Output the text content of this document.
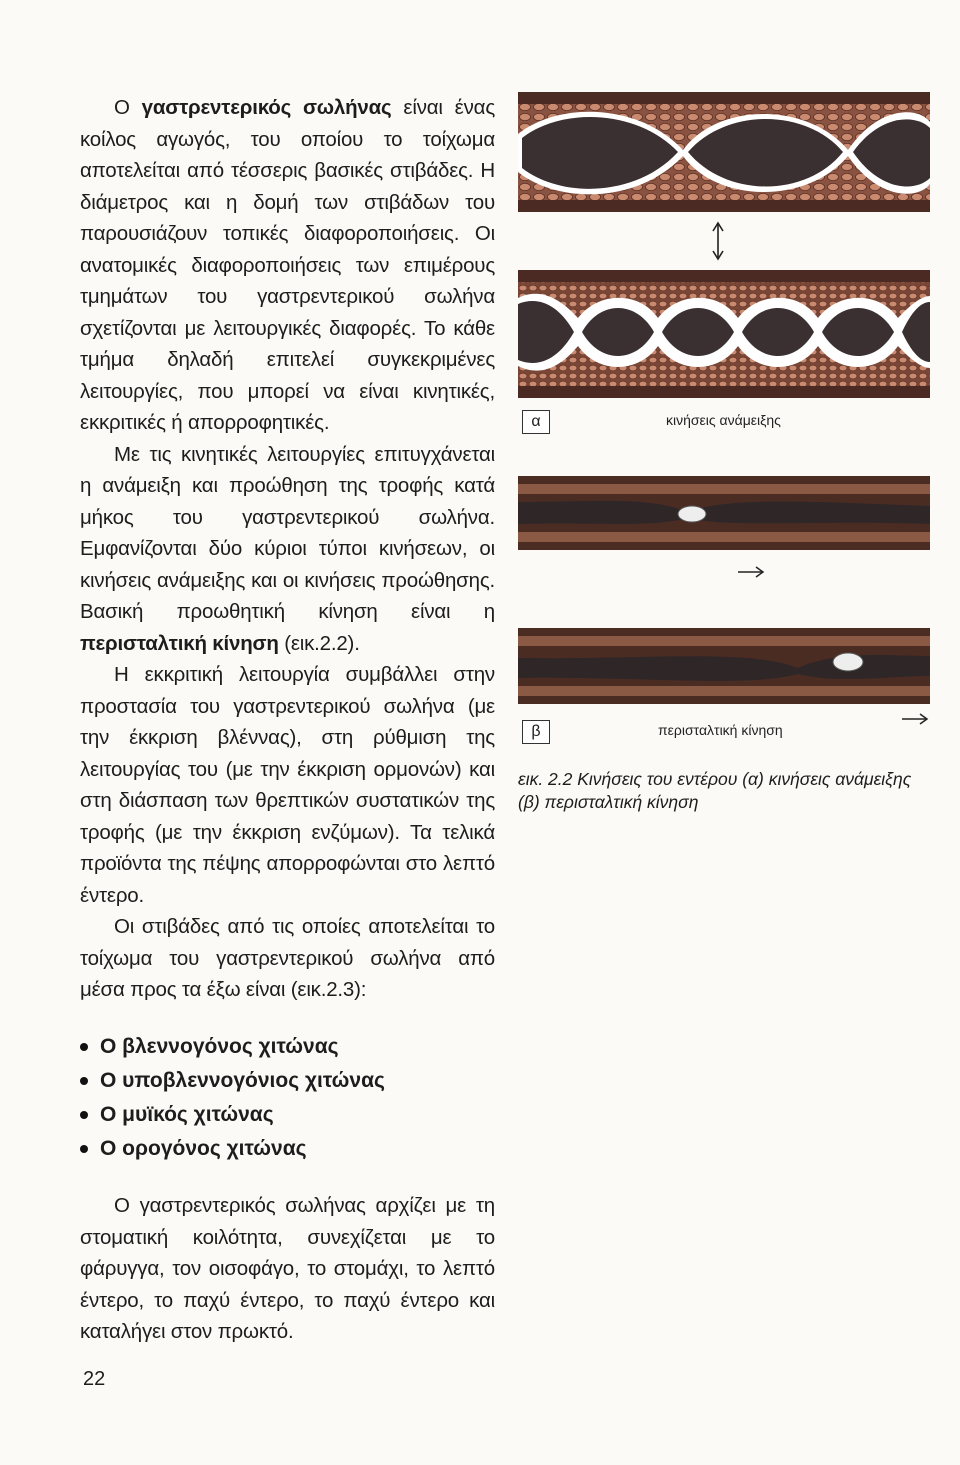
Ο γαστρεντερικός σωλήνας είναι ένας κοίλος αγωγός, του οποίου το τοίχωμα αποτελείται από τέσσερις βασικές στιβάδες. Η διάμετρος και η δομή των στιβάδων του παρουσιάζουν τοπικές διαφοροποιήσεις. Οι ανατομικές διαφοροποιήσεις των επιμέρους τμημάτων του γαστρεντερικού σωλήνα σχετίζονται με λειτουργικές διαφορές. Το κάθε τμήμα δηλαδή επιτελεί συγκεκριμένες λειτουργίες, που μπορεί να είναι κινητικές, εκκριτικές ή απορροφητικές.

Με τις κινητικές λειτουργίες επιτυγχάνεται η ανάμειξη και προώθηση της τροφής κατά μήκος του γαστρεντερικού σωλήνα. Εμφανίζονται δύο κύριοι τύποι κινήσεων, οι κινήσεις ανάμειξης και οι κινήσεις προώθησης. Βασική προωθητική κίνηση είναι η περισταλτική κίνηση (εικ.2.2).

Η εκκριτική λειτουργία συμβάλλει στην προστασία του γαστρεντερικού σωλήνα (με την έκκριση βλέννας), στη ρύθμιση της λειτουργίας του (με την έκκριση ορμονών) και στη διάσπαση των θρεπτικών συστατικών της τροφής (με την έκκριση ενζύμων). Τα τελικά προϊόντα της πέψης απορροφώνται στο λεπτό έντερο.

Οι στιβάδες από τις οποίες αποτελείται το τοίχωμα του γαστρεντερικού σωλήνα από μέσα προς τα έξω είναι (εικ.2.3):

Ο βλεννογόνος χιτώνας
Ο υποβλεννογόνιος χιτώνας
Ο μυϊκός χιτώνας
Ο ορογόνος χιτώνας

Ο γαστρεντερικός σωλήνας αρχίζει με τη στοματική κοιλότητα, συνεχίζεται με το φάρυγγα, τον οισοφάγο, το στομάχι, το λεπτό έντερο, το παχύ έντερο, το παχύ έντερο και καταλήγει στον πρωκτό.

22
α	κινήσεις ανάμειξης
β	περισταλτική κίνηση
εικ. 2.2 Κινήσεις του εντέρου (α) κινήσεις ανάμειξης (β) περισταλτική κίνηση
